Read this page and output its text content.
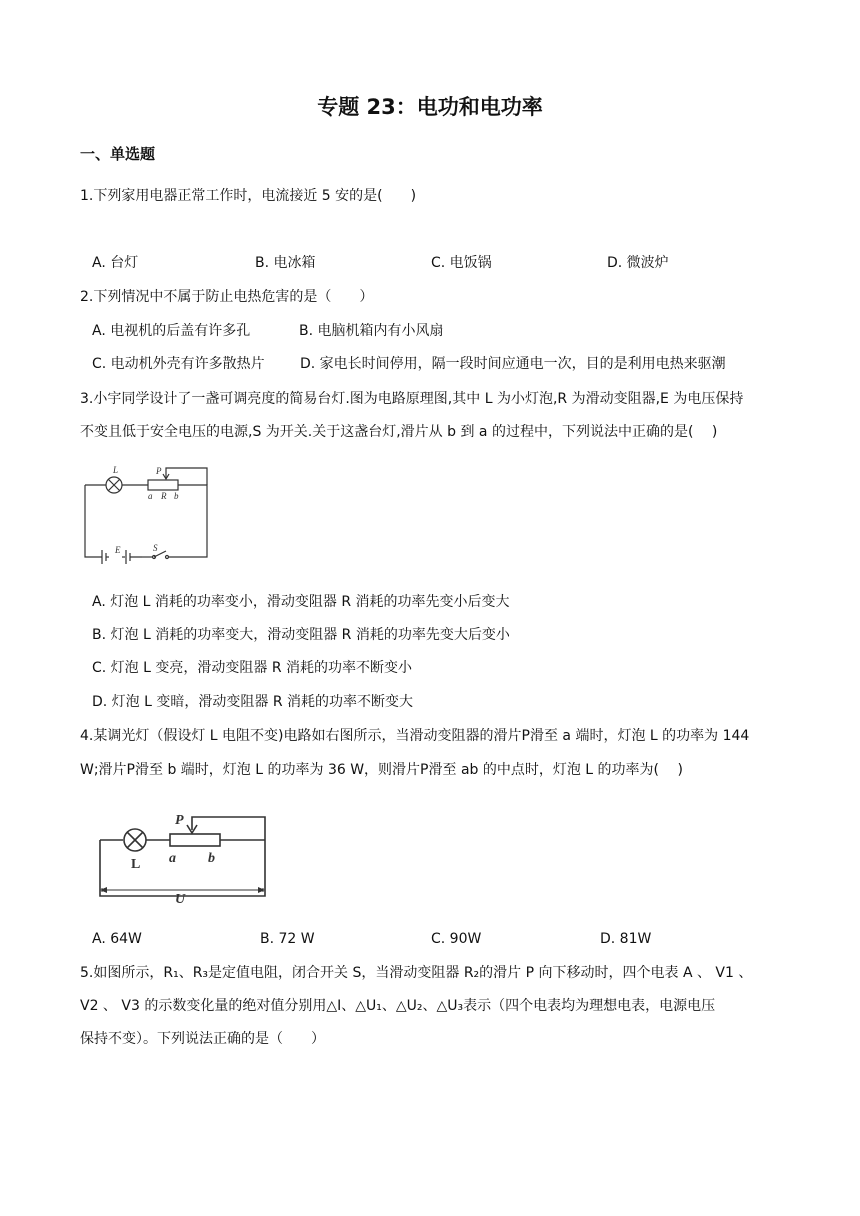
专题 23：电功和电功率
一、单选题
1.下列家用电器正常工作时，电流接近 5 安的是(　　)
A. 台灯	B. 电冰箱	C. 电饭锅	D. 微波炉
2.下列情况中不属于防止电热危害的是（　　）
A. 电视机的后盖有许多孔	B. 电脑机箱内有小风扇
C. 电动机外壳有许多散热片	D. 家电长时间停用，隔一段时间应通电一次，目的是利用电热来驱潮
3.小宇同学设计了一盏可调亮度的简易台灯.图为电路原理图,其中 L 为小灯泡,R 为滑动变阻器,E 为电压保持
不变且低于安全电压的电源,S 为开关.关于这盏台灯,滑片从 b 到 a 的过程中，下列说法中正确的是(　 )
L	P
a R b
E	S
A. 灯泡 L 消耗的功率变小，滑动变阻器 R 消耗的功率先变小后变大
B. 灯泡 L 消耗的功率变大，滑动变阻器 R 消耗的功率先变大后变小
C. 灯泡 L 变亮，滑动变阻器 R 消耗的功率不断变小
D. 灯泡 L 变暗，滑动变阻器 R 消耗的功率不断变大
4.某调光灯（假设灯 L 电阻不变)电路如右图所示，当滑动变阻器的滑片P滑至 a 端时，灯泡 L 的功率为 144
W;滑片P滑至 b 端时，灯泡 L 的功率为 36 W，则滑片P滑至 ab 的中点时，灯泡 L 的功率为(　 )
P
L a b
U
A. 64W	B. 72 W	C. 90W	D. 81W
5.如图所示，R₁、R₃是定值电阻，闭合开关 S，当滑动变阻器 R₂的滑片 P 向下移动时，四个电表 A 、 V1 、
V2 、 V3 的示数变化量的绝对值分别用△I、△U₁、△U₂、△U₃表示（四个电表均为理想电表，电源电压
保持不变）。下列说法正确的是（　　）
